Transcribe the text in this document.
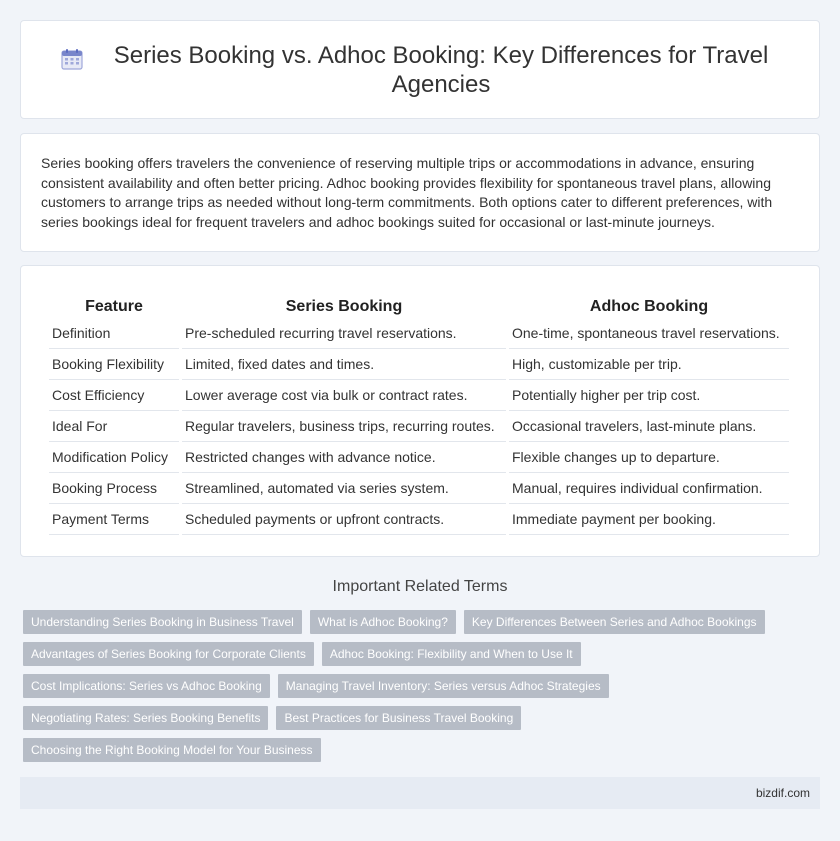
Series Booking vs. Adhoc Booking: Key Differences for Travel Agencies

Series booking offers travelers the convenience of reserving multiple trips or accommodations in advance, ensuring consistent availability and often better pricing. Adhoc booking provides flexibility for spontaneous travel plans, allowing customers to arrange trips as needed without long-term commitments. Both options cater to different preferences, with series bookings ideal for frequent travelers and adhoc bookings suited for occasional or last-minute journeys.

Feature	Series Booking	Adhoc Booking
Definition	Pre-scheduled recurring travel reservations.	One-time, spontaneous travel reservations.
Booking Flexibility	Limited, fixed dates and times.	High, customizable per trip.
Cost Efficiency	Lower average cost via bulk or contract rates.	Potentially higher per trip cost.
Ideal For	Regular travelers, business trips, recurring routes.	Occasional travelers, last-minute plans.
Modification Policy	Restricted changes with advance notice.	Flexible changes up to departure.
Booking Process	Streamlined, automated via series system.	Manual, requires individual confirmation.
Payment Terms	Scheduled payments or upfront contracts.	Immediate payment per booking.
Important Related Terms
Understanding Series Booking in Business Travel	What is Adhoc Booking?	Key Differences Between Series and Adhoc Bookings
Advantages of Series Booking for Corporate Clients	Adhoc Booking: Flexibility and When to Use It
Cost Implications: Series vs Adhoc Booking	Managing Travel Inventory: Series versus Adhoc Strategies
Negotiating Rates: Series Booking Benefits	Best Practices for Business Travel Booking
Choosing the Right Booking Model for Your Business
bizdif.com
